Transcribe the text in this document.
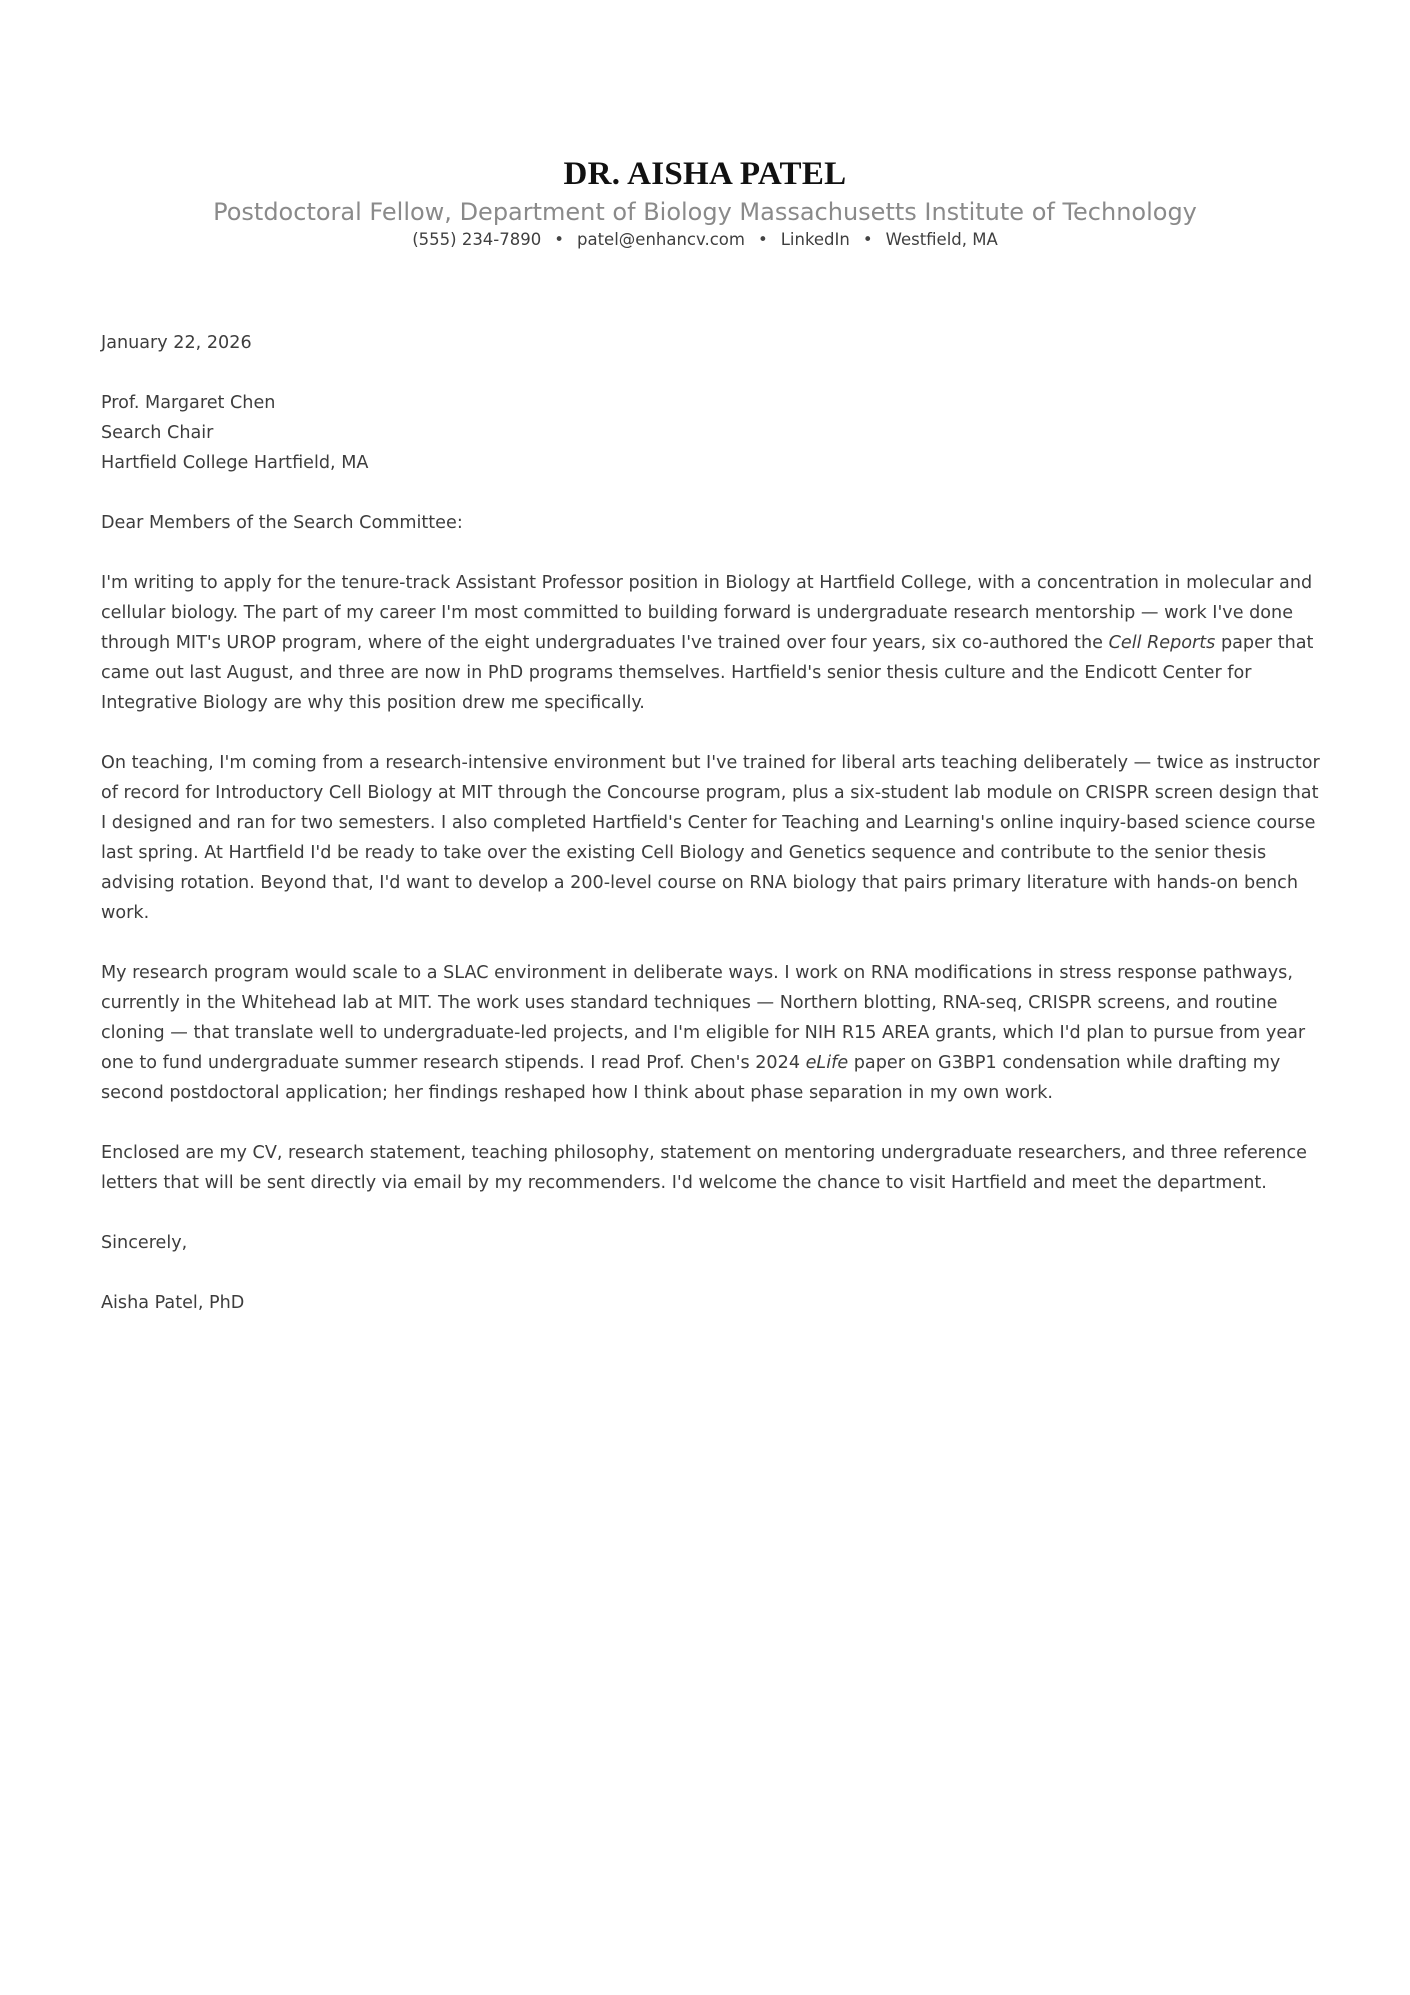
DR. AISHA PATEL
Postdoctoral Fellow, Department of Biology Massachusetts Institute of Technology
(555) 234-7890 • patel@enhancv.com • LinkedIn • Westfield, MA

January 22, 2026

Prof. Margaret Chen
Search Chair
Hartfield College Hartfield, MA

Dear Members of the Search Committee:

I'm writing to apply for the tenure-track Assistant Professor position in Biology at Hartfield College, with a concentration in molecular and cellular biology. The part of my career I'm most committed to building forward is undergraduate research mentorship — work I've done through MIT's UROP program, where of the eight undergraduates I've trained over four years, six co-authored the Cell Reports paper that came out last August, and three are now in PhD programs themselves. Hartfield's senior thesis culture and the Endicott Center for Integrative Biology are why this position drew me specifically.

On teaching, I'm coming from a research-intensive environment but I've trained for liberal arts teaching deliberately — twice as instructor of record for Introductory Cell Biology at MIT through the Concourse program, plus a six-student lab module on CRISPR screen design that I designed and ran for two semesters. I also completed Hartfield's Center for Teaching and Learning's online inquiry-based science course last spring. At Hartfield I'd be ready to take over the existing Cell Biology and Genetics sequence and contribute to the senior thesis advising rotation. Beyond that, I'd want to develop a 200-level course on RNA biology that pairs primary literature with hands-on bench work.

My research program would scale to a SLAC environment in deliberate ways. I work on RNA modifications in stress response pathways, currently in the Whitehead lab at MIT. The work uses standard techniques — Northern blotting, RNA-seq, CRISPR screens, and routine cloning — that translate well to undergraduate-led projects, and I'm eligible for NIH R15 AREA grants, which I'd plan to pursue from year one to fund undergraduate summer research stipends. I read Prof. Chen's 2024 eLife paper on G3BP1 condensation while drafting my second postdoctoral application; her findings reshaped how I think about phase separation in my own work.

Enclosed are my CV, research statement, teaching philosophy, statement on mentoring undergraduate researchers, and three reference letters that will be sent directly via email by my recommenders. I'd welcome the chance to visit Hartfield and meet the department.

Sincerely,

Aisha Patel, PhD
